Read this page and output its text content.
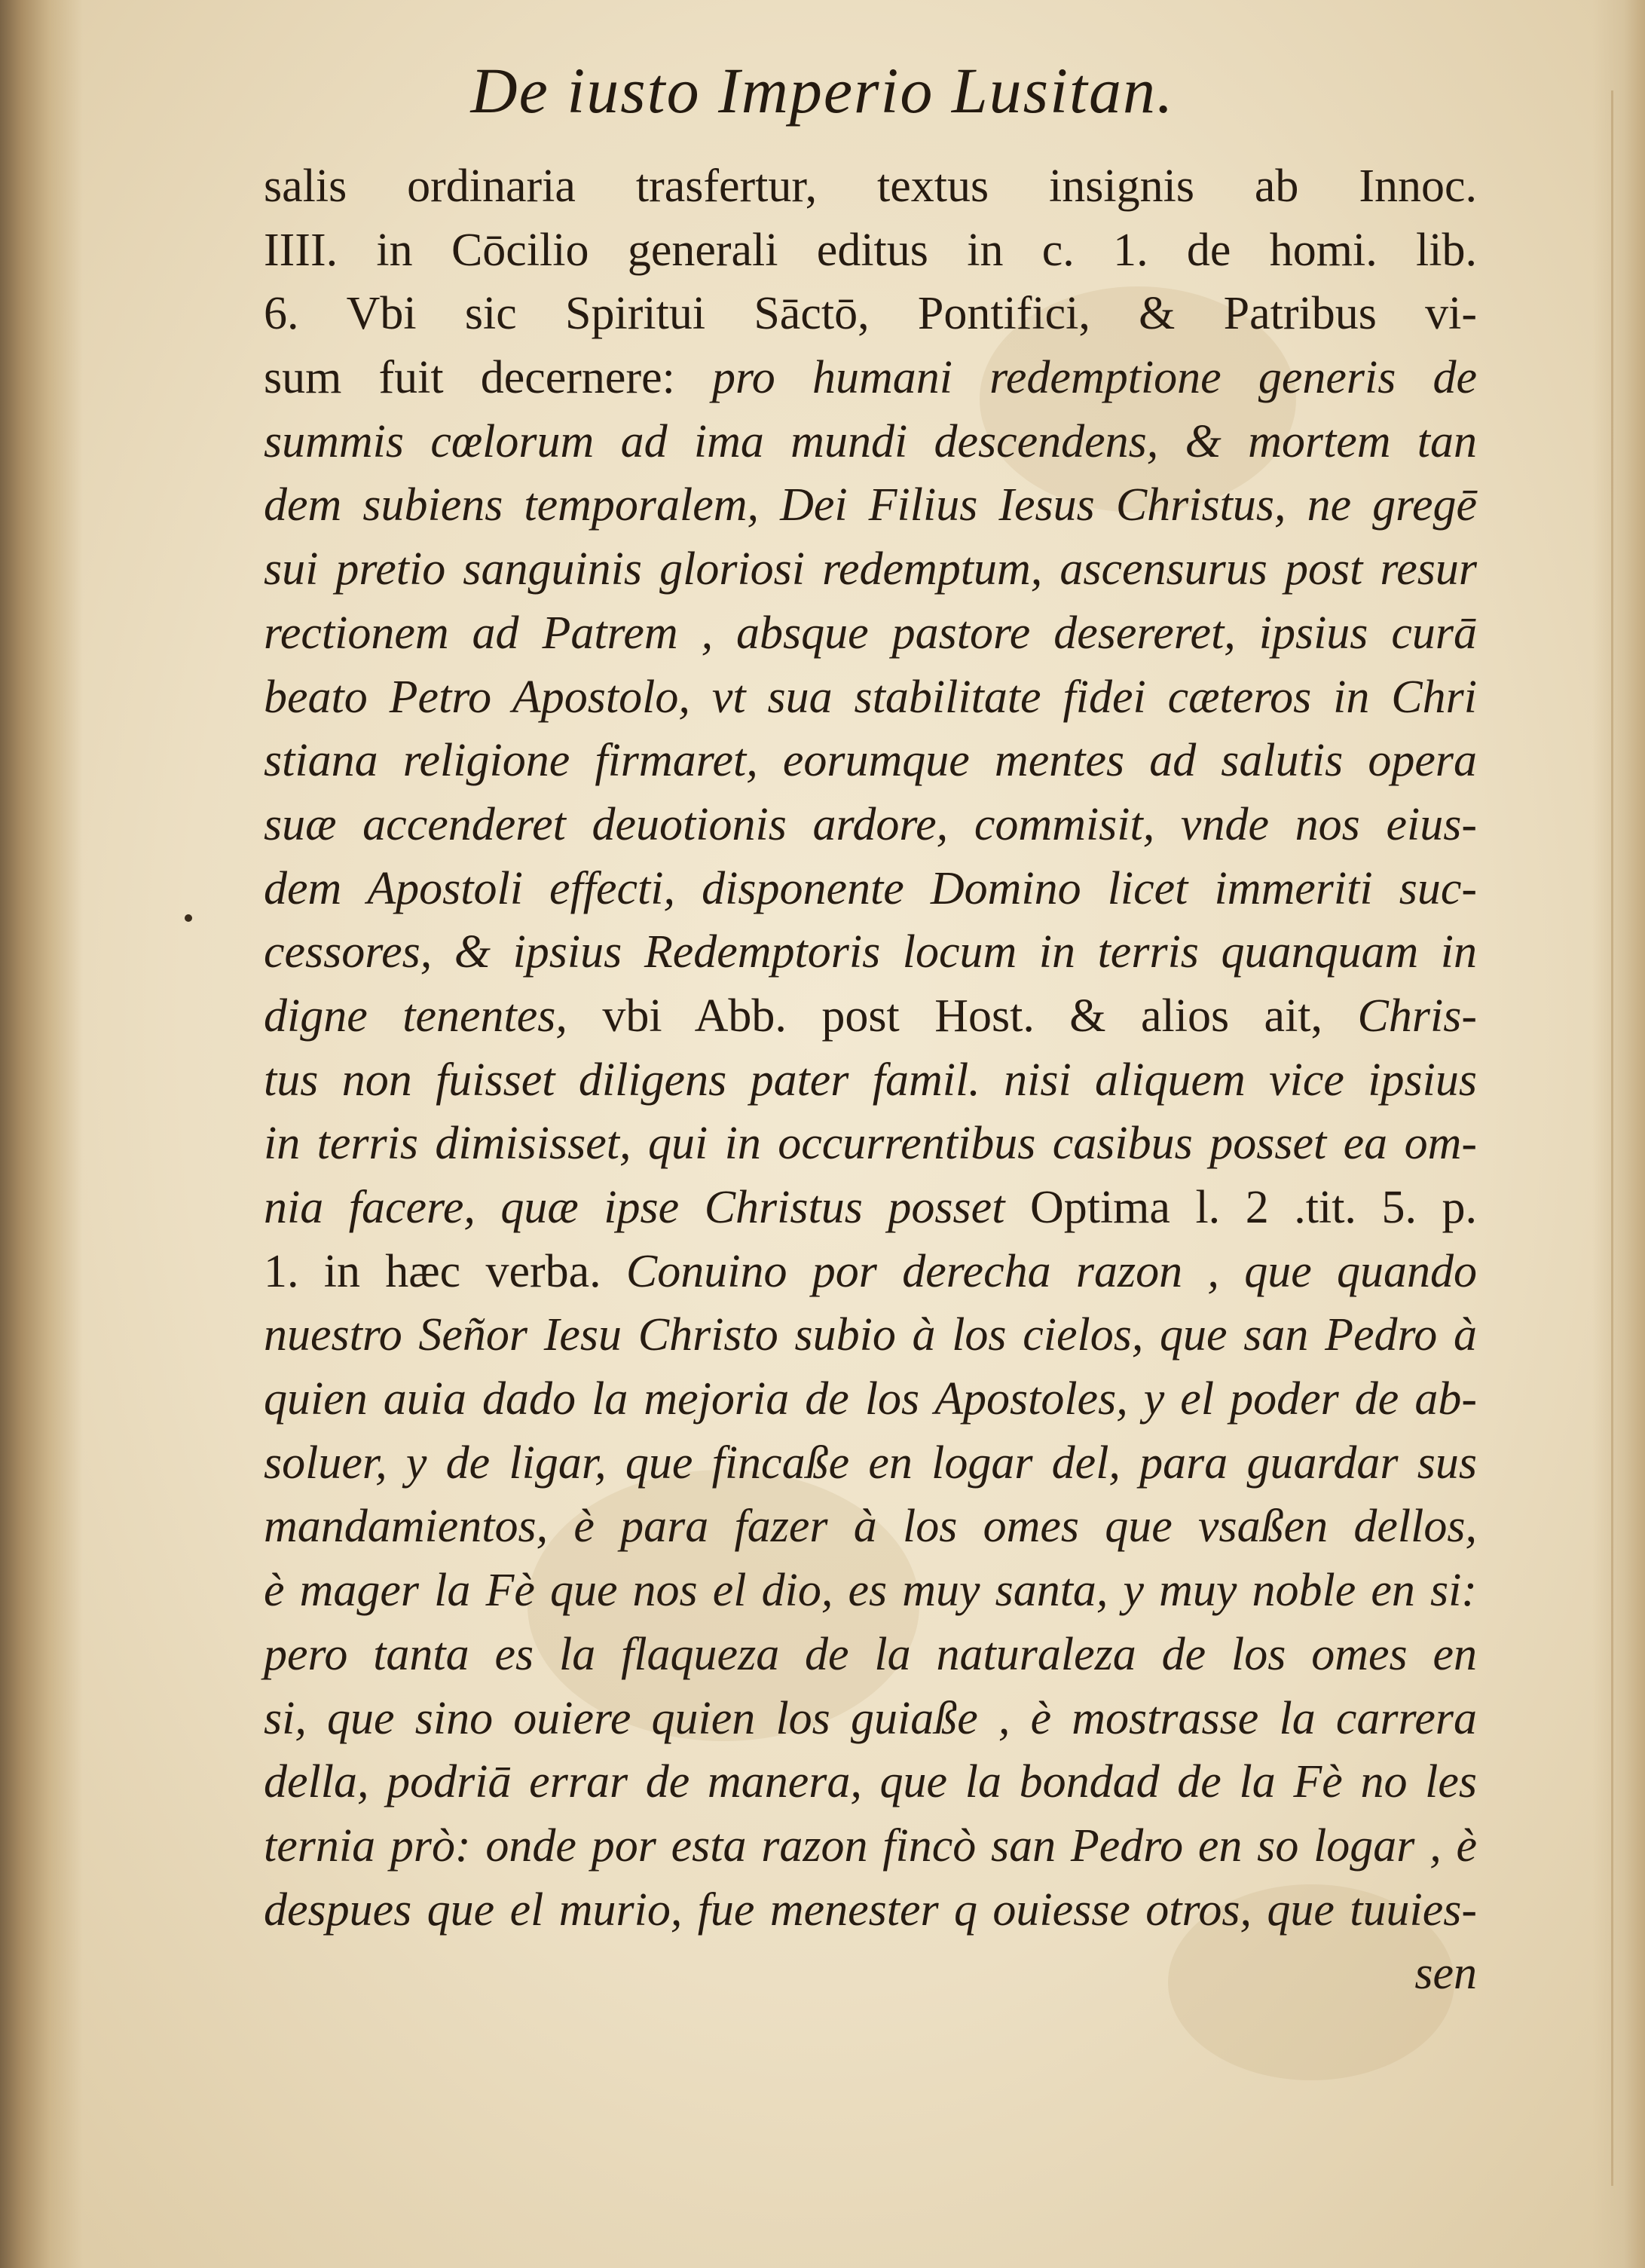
De iusto Imperio Lusitan.
salis ordinaria trasfertur, textus insignis ab Innoc.
IIII. in Cōcilio generali editus in c. 1. de homi. lib.
6. Vbi sic Spiritui Sāctō, Pontifici, & Patribus vi-
sum fuit decernere: pro humani redemptione generis de
summis cœlorum ad ima mundi descendens, & mortem tan
dem subiens temporalem, Dei Filius Iesus Christus, ne gregē
sui pretio sanguinis gloriosi redemptum, ascensurus post resur
rectionem ad Patrem , absque pastore desereret, ipsius curā
beato Petro Apostolo, vt sua stabilitate fidei cæteros in Chri
stiana religione firmaret, eorumque mentes ad salutis opera
suæ accenderet deuotionis ardore, commisit, vnde nos eius-
dem Apostoli effecti, disponente Domino licet immeriti suc-
cessores, & ipsius Redemptoris locum in terris quanquam in
digne tenentes, vbi Abb. post Host. & alios ait, Chris-
tus non fuisset diligens pater famil. nisi aliquem vice ipsius
in terris dimisisset, qui in occurrentibus casibus posset ea om-
nia facere, quæ ipse Christus posset Optima l. 2 .tit. 5. p.
1. in hæc verba. Conuino por derecha razon , que quando
nuestro Señor Iesu Christo subio à los cielos, que san Pedro à
quien auia dado la mejoria de los Apostoles, y el poder de ab-
soluer, y de ligar, que fincaße en logar del, para guardar sus
mandamientos, è para fazer à los omes que vsaßen dellos,
è mager la Fè que nos el dio, es muy santa, y muy noble en si:
pero tanta es la flaqueza de la naturaleza de los omes en
si, que sino ouiere quien los guiaße , è mostrasse la carrera
della, podriā errar de manera, que la bondad de la Fè no les
ternia prò: onde por esta razon fincò san Pedro en so logar , è
despues que el murio, fue menester q ouiesse otros, que tuuies-
sen
